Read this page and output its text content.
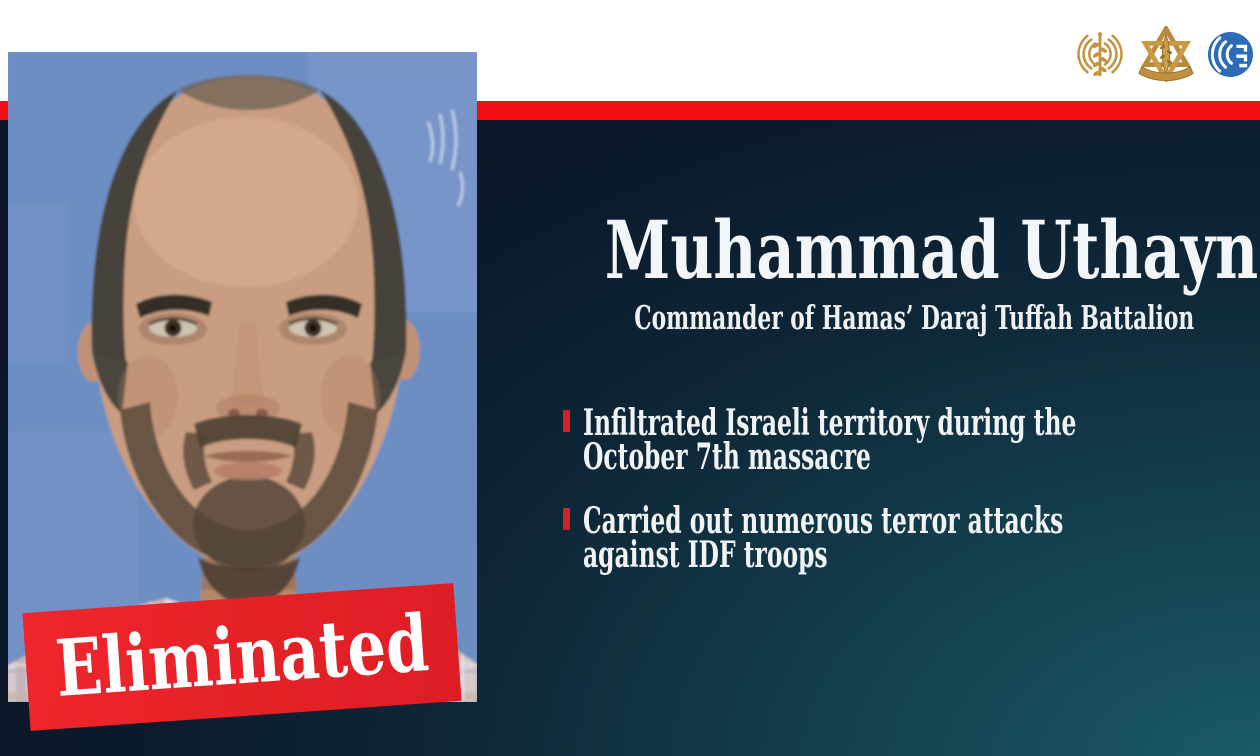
Eliminated
Muhammad Uthayn
Commander of Hamas’ Daraj Tuffah Battalion
Infiltrated Israeli territory during the
October 7th massacre
Carried out numerous terror attacks
against IDF troops
